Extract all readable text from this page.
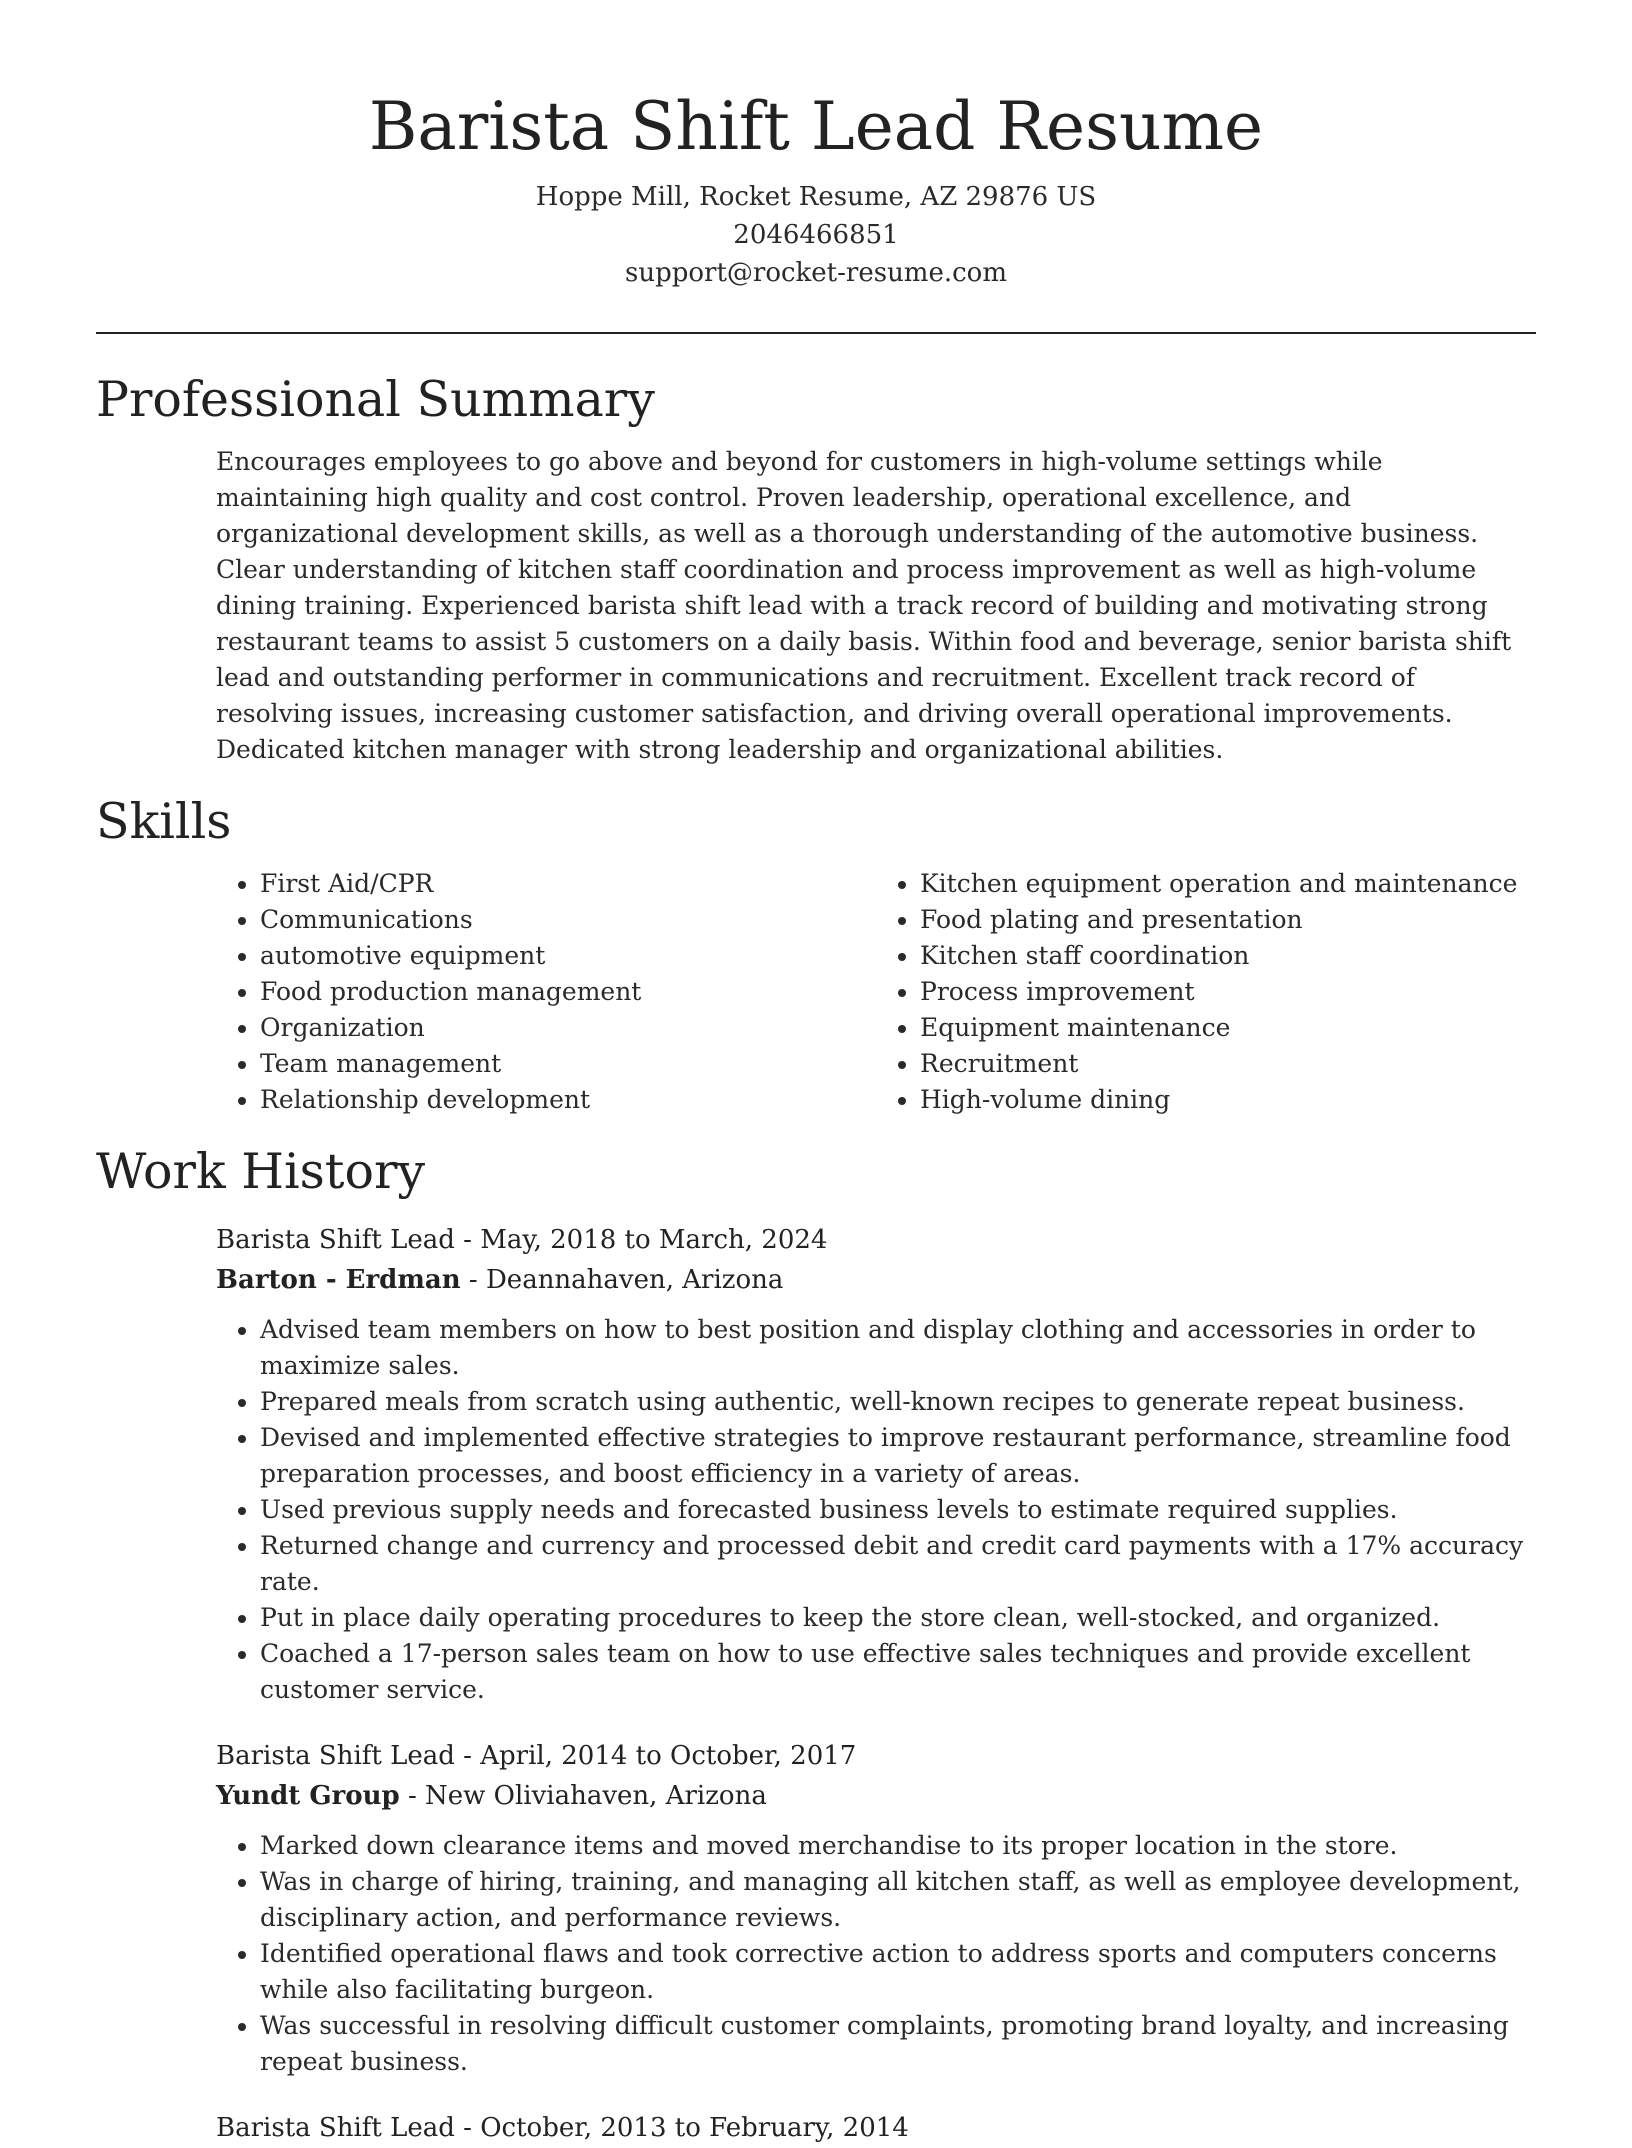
Barista Shift Lead Resume
Hoppe Mill, Rocket Resume, AZ 29876 US
2046466851
support@rocket-resume.com
Professional Summary

Encourages employees to go above and beyond for customers in high-volume settings while maintaining high quality and cost control. Proven leadership, operational excellence, and organizational development skills, as well as a thorough understanding of the automotive business. Clear understanding of kitchen staff coordination and process improvement as well as high-volume dining training. Experienced barista shift lead with a track record of building and motivating strong restaurant teams to assist 5 customers on a daily basis. Within food and beverage, senior barista shift lead and outstanding performer in communications and recruitment. Excellent track record of resolving issues, increasing customer satisfaction, and driving overall operational improvements. Dedicated kitchen manager with strong leadership and organizational abilities.

Skills
• First Aid/CPR
• Communications
• automotive equipment
• Food production management
• Organization
• Team management
• Relationship development
• Kitchen equipment operation and maintenance
• Food plating and presentation
• Kitchen staff coordination
• Process improvement
• Equipment maintenance
• Recruitment
• High-volume dining
Work History
Barista Shift Lead - May, 2018 to March, 2024
Barton - Erdman - Deannahaven, Arizona
• Advised team members on how to best position and display clothing and accessories in order to maximize sales.
• Prepared meals from scratch using authentic, well-known recipes to generate repeat business.
• Devised and implemented effective strategies to improve restaurant performance, streamline food preparation processes, and boost efficiency in a variety of areas.
• Used previous supply needs and forecasted business levels to estimate required supplies.
• Returned change and currency and processed debit and credit card payments with a 17% accuracy rate.
• Put in place daily operating procedures to keep the store clean, well-stocked, and organized.
• Coached a 17-person sales team on how to use effective sales techniques and provide excellent customer service.
Barista Shift Lead - April, 2014 to October, 2017
Yundt Group - New Oliviahaven, Arizona
• Marked down clearance items and moved merchandise to its proper location in the store.
• Was in charge of hiring, training, and managing all kitchen staff, as well as employee development, disciplinary action, and performance reviews.
• Identified operational flaws and took corrective action to address sports and computers concerns while also facilitating burgeon.
• Was successful in resolving difficult customer complaints, promoting brand loyalty, and increasing repeat business.
Barista Shift Lead - October, 2013 to February, 2014
